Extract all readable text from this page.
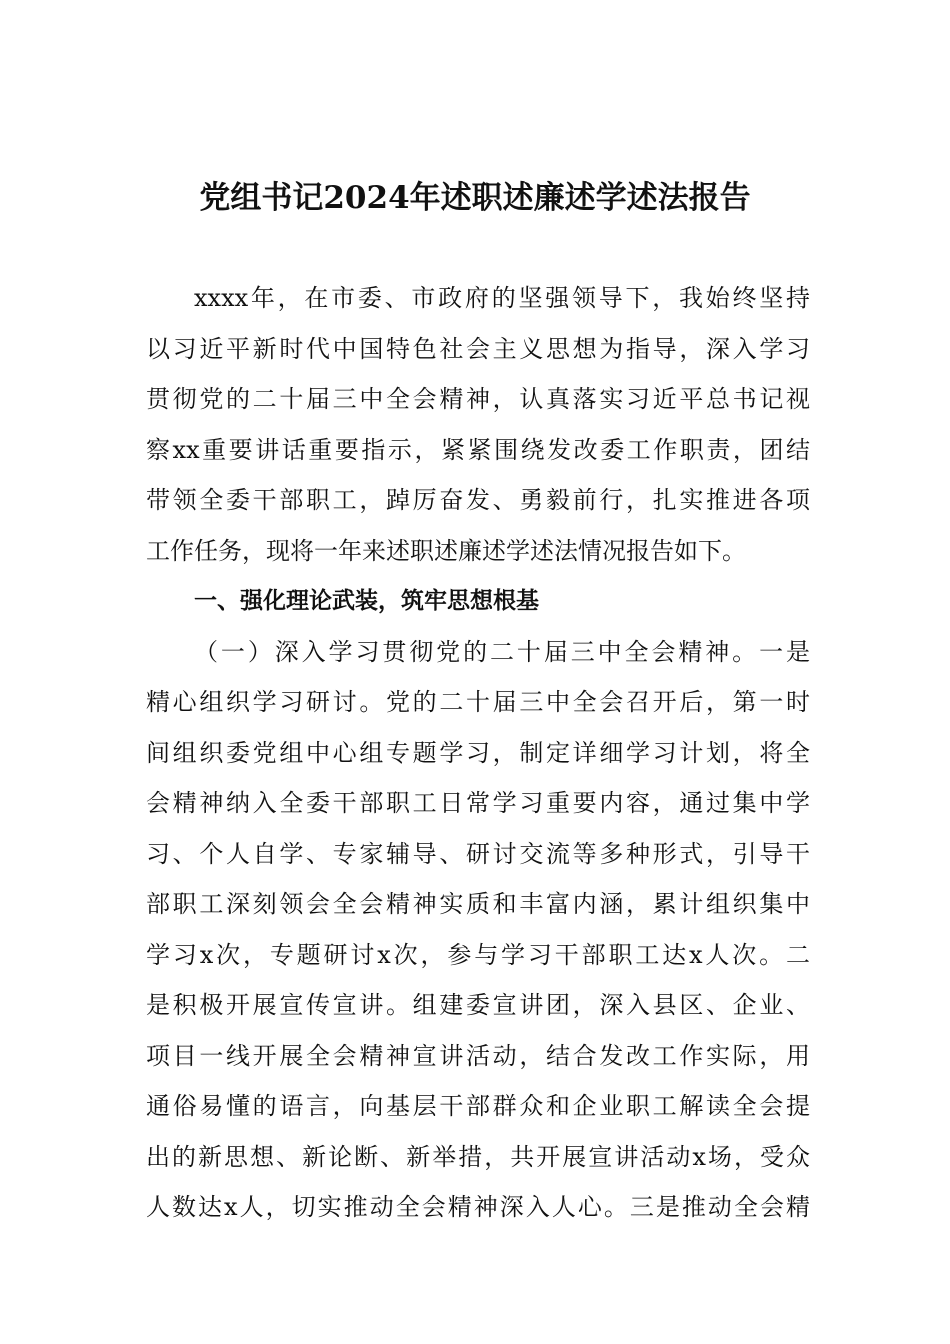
党组书记2024年述职述廉述学述法报告
xxxx年，在市委、市政府的坚强领导下，我始终坚持
以习近平新时代中国特色社会主义思想为指导，深入学习
贯彻党的二十届三中全会精神，认真落实习近平总书记视
察xx重要讲话重要指示，紧紧围绕发改委工作职责，团结
带领全委干部职工，踔厉奋发、勇毅前行，扎实推进各项
工作任务，现将一年来述职述廉述学述法情况报告如下。
一、强化理论武装，筑牢思想根基
（一）深入学习贯彻党的二十届三中全会精神。一是
精心组织学习研讨。党的二十届三中全会召开后，第一时
间组织委党组中心组专题学习，制定详细学习计划，将全
会精神纳入全委干部职工日常学习重要内容，通过集中学
习、个人自学、专家辅导、研讨交流等多种形式，引导干
部职工深刻领会全会精神实质和丰富内涵，累计组织集中
学习x次，专题研讨x次，参与学习干部职工达x人次。二
是积极开展宣传宣讲。组建委宣讲团，深入县区、企业、
项目一线开展全会精神宣讲活动，结合发改工作实际，用
通俗易懂的语言，向基层干部群众和企业职工解读全会提
出的新思想、新论断、新举措，共开展宣讲活动x场，受众
人数达x人，切实推动全会精神深入人心。三是推动全会精
